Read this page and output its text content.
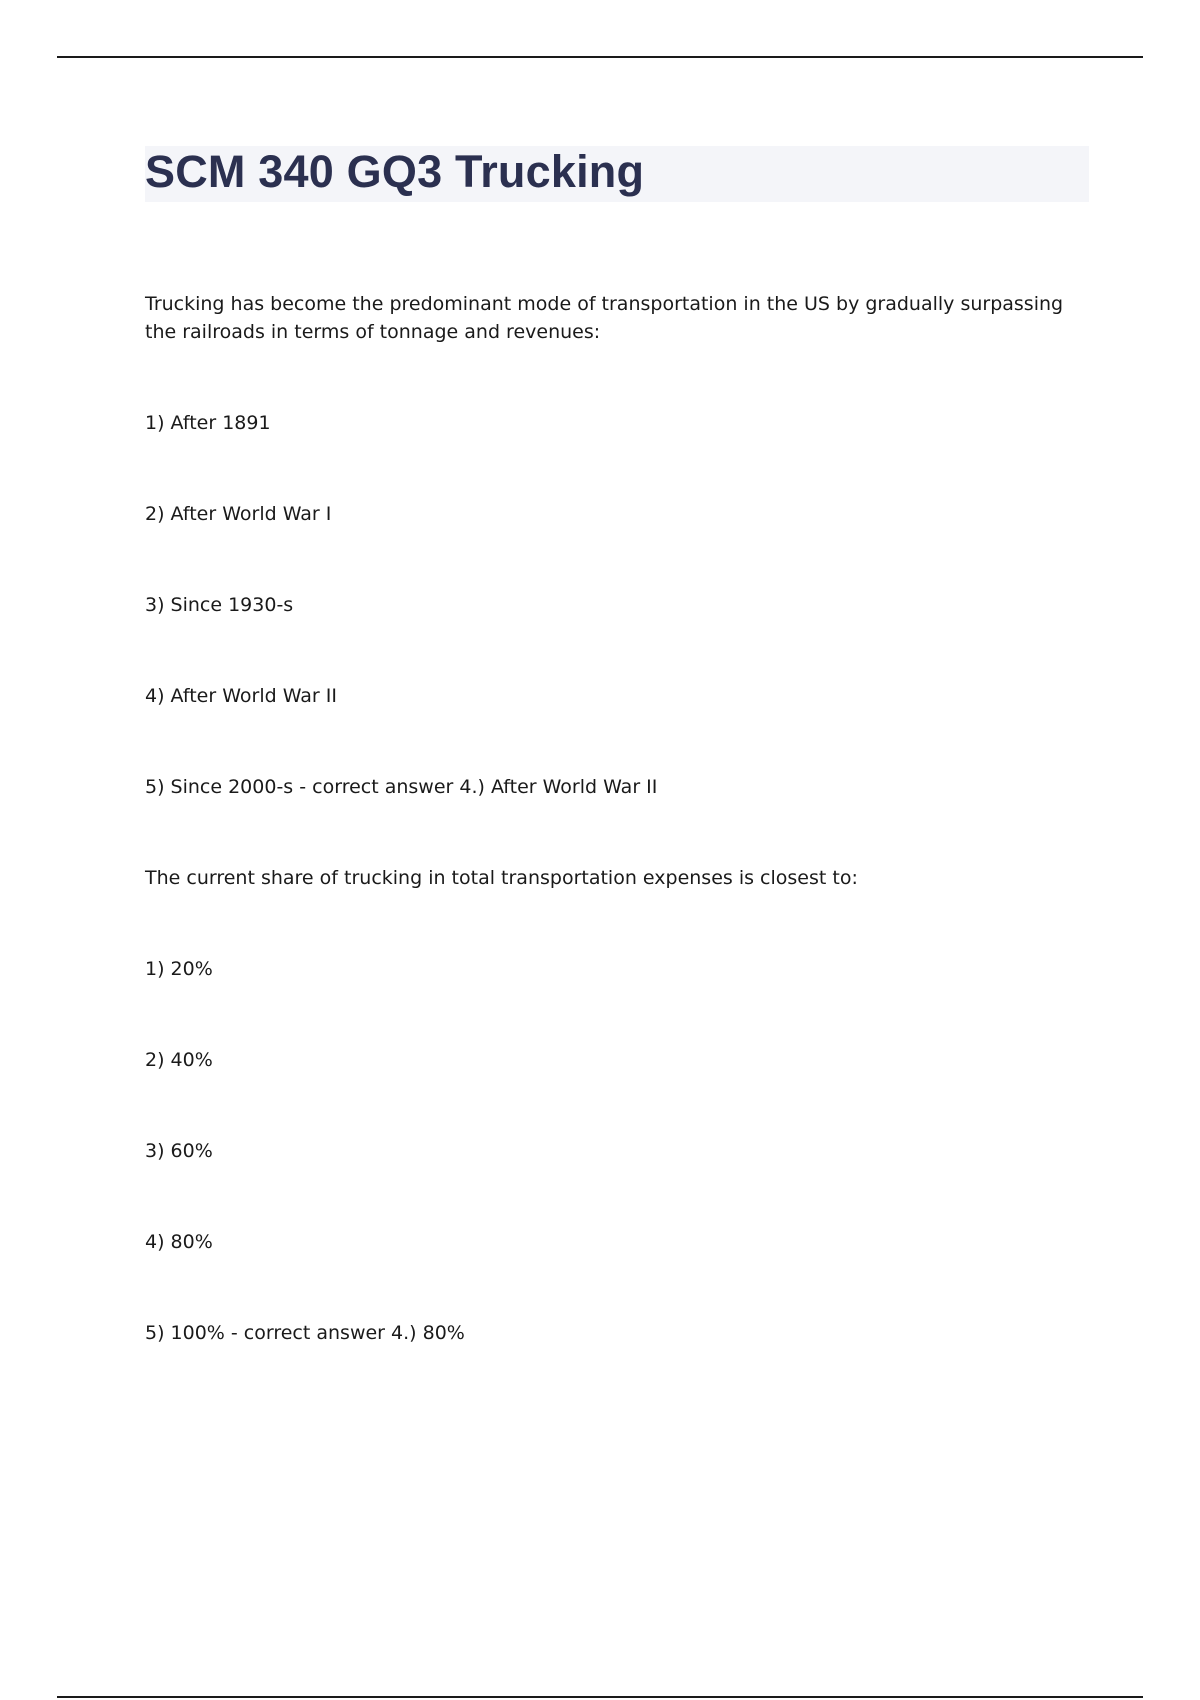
SCM 340 GQ3 Trucking

Trucking has become the predominant mode of transportation in the US by gradually surpassing the railroads in terms of tonnage and revenues:

1) After 1891

2) After World War I

3) Since 1930-s

4) After World War II

5) Since 2000-s - correct answer 4.) After World War II

The current share of trucking in total transportation expenses is closest to:

1) 20%

2) 40%

3) 60%

4) 80%

5) 100% - correct answer 4.) 80%
